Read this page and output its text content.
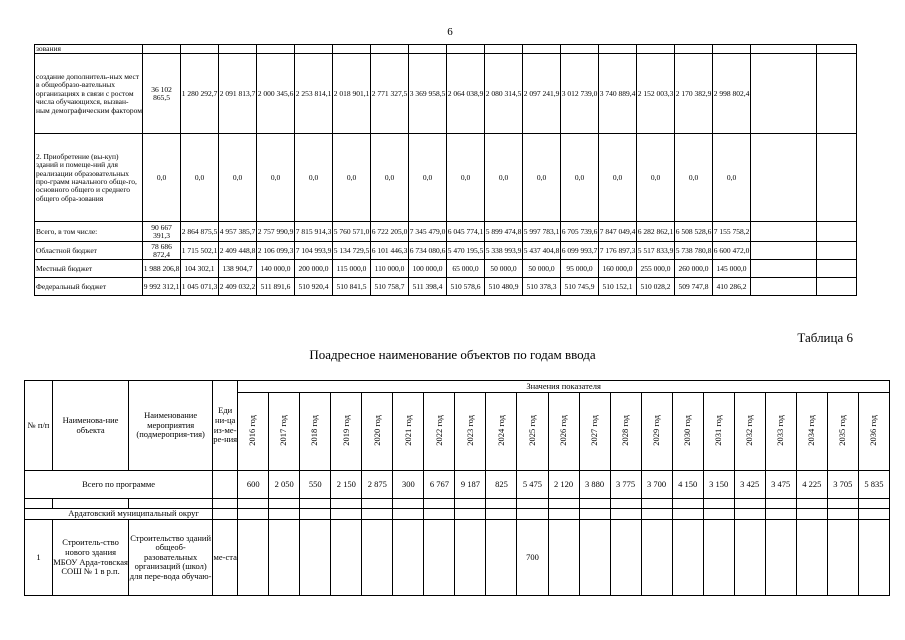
6
зования																		
создание дополнитель-ных мест в общеобразо-вательных организациях в связи с ростом числа обучающихся, вызван-ным демографическим фактором	36 102 865,5	1 280 292,7	2 091 813,7	2 000 345,6	2 253 814,1	2 018 901,1	2 771 327,5	3 369 958,5	2 064 038,9	2 080 314,5	2 097 241,9	3 012 739,0	3 740 889,4	2 152 003,3	2 170 382,9	2 998 802,4		
2. Приобретение (вы-куп) зданий и помеще-ний для реализации образовательных про-грамм начального обще-го, основного общего и среднего общего обра-зования	0,0	0,0	0,0	0,0	0,0	0,0	0,0	0,0	0,0	0,0	0,0	0,0	0,0	0,0	0,0	0,0		
Всего, в том числе:	90 667 391,3	2 864 875,5	4 957 385,7	2 757 990,9	7 815 914,3	5 760 571,0	6 722 205,0	7 345 479,0	6 045 774,1	5 899 474,8	5 997 783,1	6 705 739,6	7 847 049,4	6 282 862,1	6 508 528,6	7 155 758,2		
Областной бюджет	78 686 872,4	1 715 502,1	2 409 448,8	2 106 099,3	7 104 993,9	5 134 729,5	6 101 446,3	6 734 080,6	5 470 195,5	5 338 993,9	5 437 404,8	6 099 993,7	7 176 897,3	5 517 833,9	5 738 780,8	6 600 472,0		
Местный бюджет	1 988 206,8	104 302,1	138 904,7	140 000,0	200 000,0	115 000,0	110 000,0	100 000,0	65 000,0	50 000,0	50 000,0	95 000,0	160 000,0	255 000,0	260 000,0	145 000,0		
Федеральный бюджет	9 992 312,1	1 045 071,3	2 409 032,2	511 891,6	510 920,4	510 841,5	510 758,7	511 398,4	510 578,6	510 480,9	510 378,3	510 745,9	510 152,1	510 028,2	509 747,8	410 286,2		
Таблица 6
Поадресное наименование объектов по годам ввода
№ п/п	Наименова-ние объекта	Наименование мероприятия (подмероприя-тия)	Еди ни-ца из-ме-ре-ния	Значения показателя																				
				2016 год	2017 год	2018 год	2019 год	2020 год	2021 год	2022 год	2023 год	2024 год	2025 год	2026 год	2027 год	2028 год	2029 год	2030 год	2031 год	2032 год	2033 год	2034 год	2035 год	2036 год
Всего по программе				600	2 050	550	2 150	2 875	300	6 767	9 187	825	5 475	2 120	3 880	3 775	3 700	4 150	3 150	3 425	3 475	4 225	3 705	5 835

Ардатовский муниципальный округ																								
1	Строитель-ство нового здания МБОУ Арда-товская СОШ № 1 в р.п.	Строительство зданий общеоб-разовательных организаций (школ) для пере-вода обучаю-	ме-ста										700											
